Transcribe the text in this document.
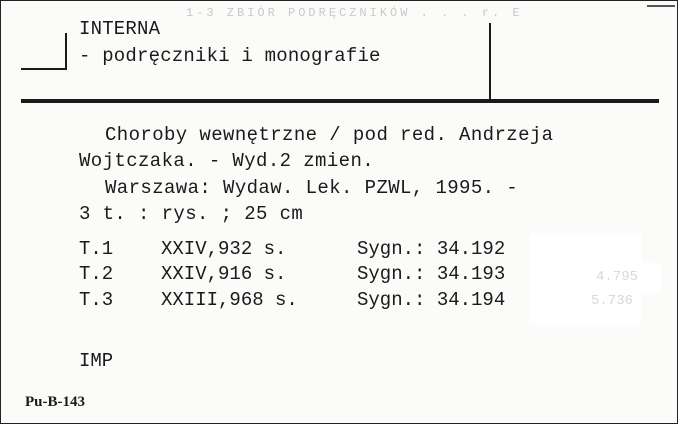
1-3 ZBIÓR PODRĘCZNIKÓW . . . r. E
INTERNA
- podręczniki i monografie
Choroby wewnętrzne / pod red. Andrzeja
Wojtczaka. - Wyd.2 zmien.
Warszawa: Wydaw. Lek. PZWL, 1995. -
3 t. : rys. ; 25 cm
4.795
5.736
T.1	XXIV,932 s.	Sygn.: 34.192
T.2	XXIV,916 s.	Sygn.: 34.193
T.3	XXIII,968 s.	Sygn.: 34.194
IMP
Pu-B-143
